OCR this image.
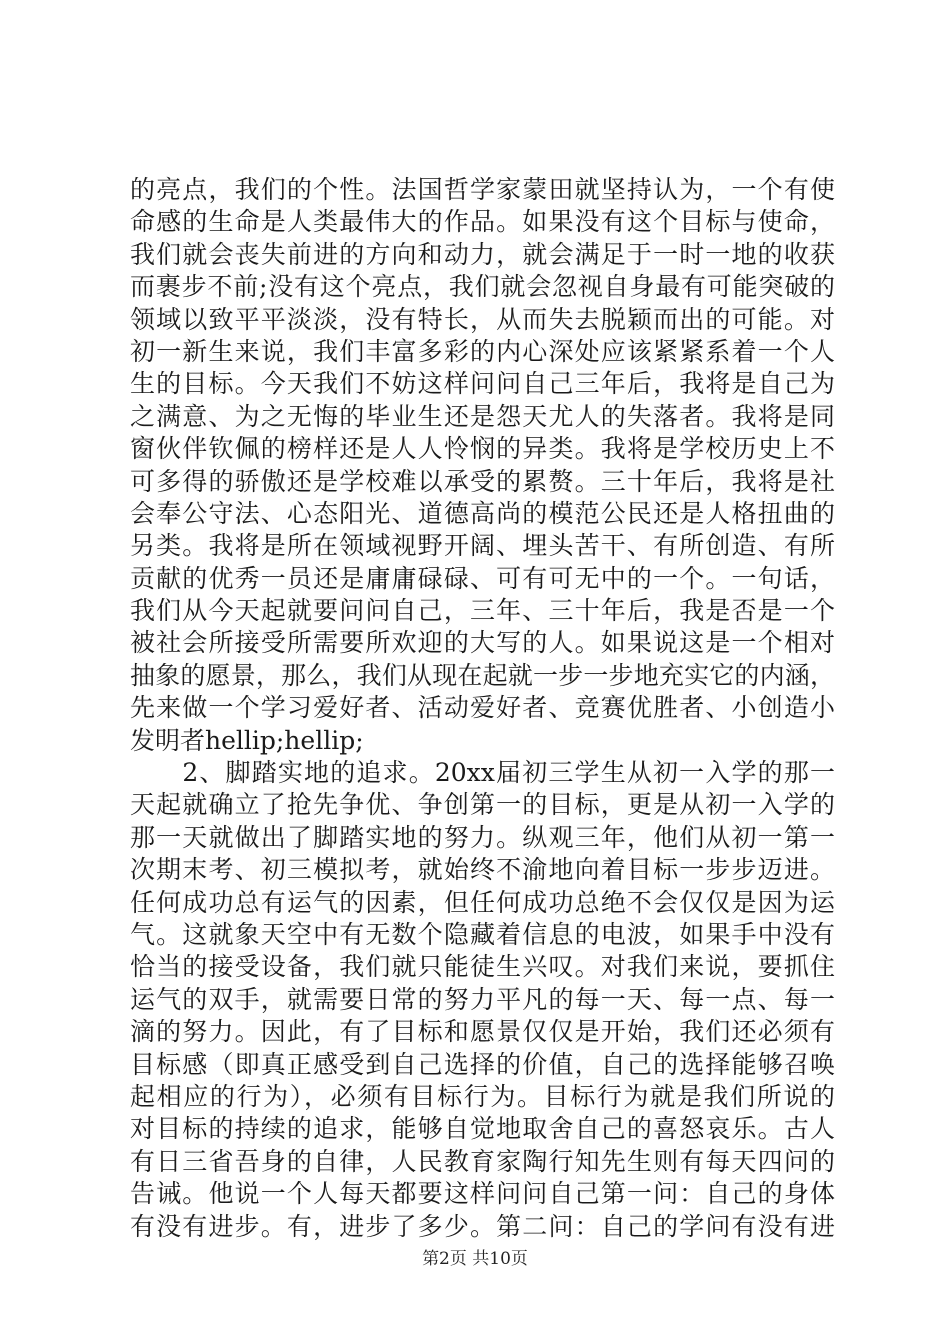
的亮点，我们的个性。法国哲学家蒙田就坚持认为，一个有使
命感的生命是人类最伟大的作品。如果没有这个目标与使命，
我们就会丧失前进的方向和动力，就会满足于一时一地的收获
而裹步不前;没有这个亮点，我们就会忽视自身最有可能突破的
领域以致平平淡淡，没有特长，从而失去脱颖而出的可能。对
初一新生来说，我们丰富多彩的内心深处应该紧紧系着一个人
生的目标。今天我们不妨这样问问自己三年后，我将是自己为
之满意、为之无悔的毕业生还是怨天尤人的失落者。我将是同
窗伙伴钦佩的榜样还是人人怜悯的异类。我将是学校历史上不
可多得的骄傲还是学校难以承受的累赘。三十年后，我将是社
会奉公守法、心态阳光、道德高尚的模范公民还是人格扭曲的
另类。我将是所在领域视野开阔、埋头苦干、有所创造、有所
贡献的优秀一员还是庸庸碌碌、可有可无中的一个。一句话，
我们从今天起就要问问自己，三年、三十年后，我是否是一个
被社会所接受所需要所欢迎的大写的人。如果说这是一个相对
抽象的愿景，那么，我们从现在起就一步一步地充实它的内涵，
先来做一个学习爱好者、活动爱好者、竞赛优胜者、小创造小
发明者hellip;hellip;
　　2、脚踏实地的追求。20xx届初三学生从初一入学的那一
天起就确立了抢先争优、争创第一的目标，更是从初一入学的
那一天就做出了脚踏实地的努力。纵观三年，他们从初一第一
次期末考、初三模拟考，就始终不渝地向着目标一步步迈进。
任何成功总有运气的因素，但任何成功总绝不会仅仅是因为运
气。这就象天空中有无数个隐藏着信息的电波，如果手中没有
恰当的接受设备，我们就只能徒生兴叹。对我们来说，要抓住
运气的双手，就需要日常的努力平凡的每一天、每一点、每一
滴的努力。因此，有了目标和愿景仅仅是开始，我们还必须有
目标感（即真正感受到自己选择的价值，自己的选择能够召唤
起相应的行为），必须有目标行为。目标行为就是我们所说的
对目标的持续的追求，能够自觉地取舍自己的喜怒哀乐。古人
有日三省吾身的自律，人民教育家陶行知先生则有每天四问的
告诫。他说一个人每天都要这样问问自己第一问：自己的身体
有没有进步。有，进步了多少。第二问：自己的学问有没有进
第2页 共10页
